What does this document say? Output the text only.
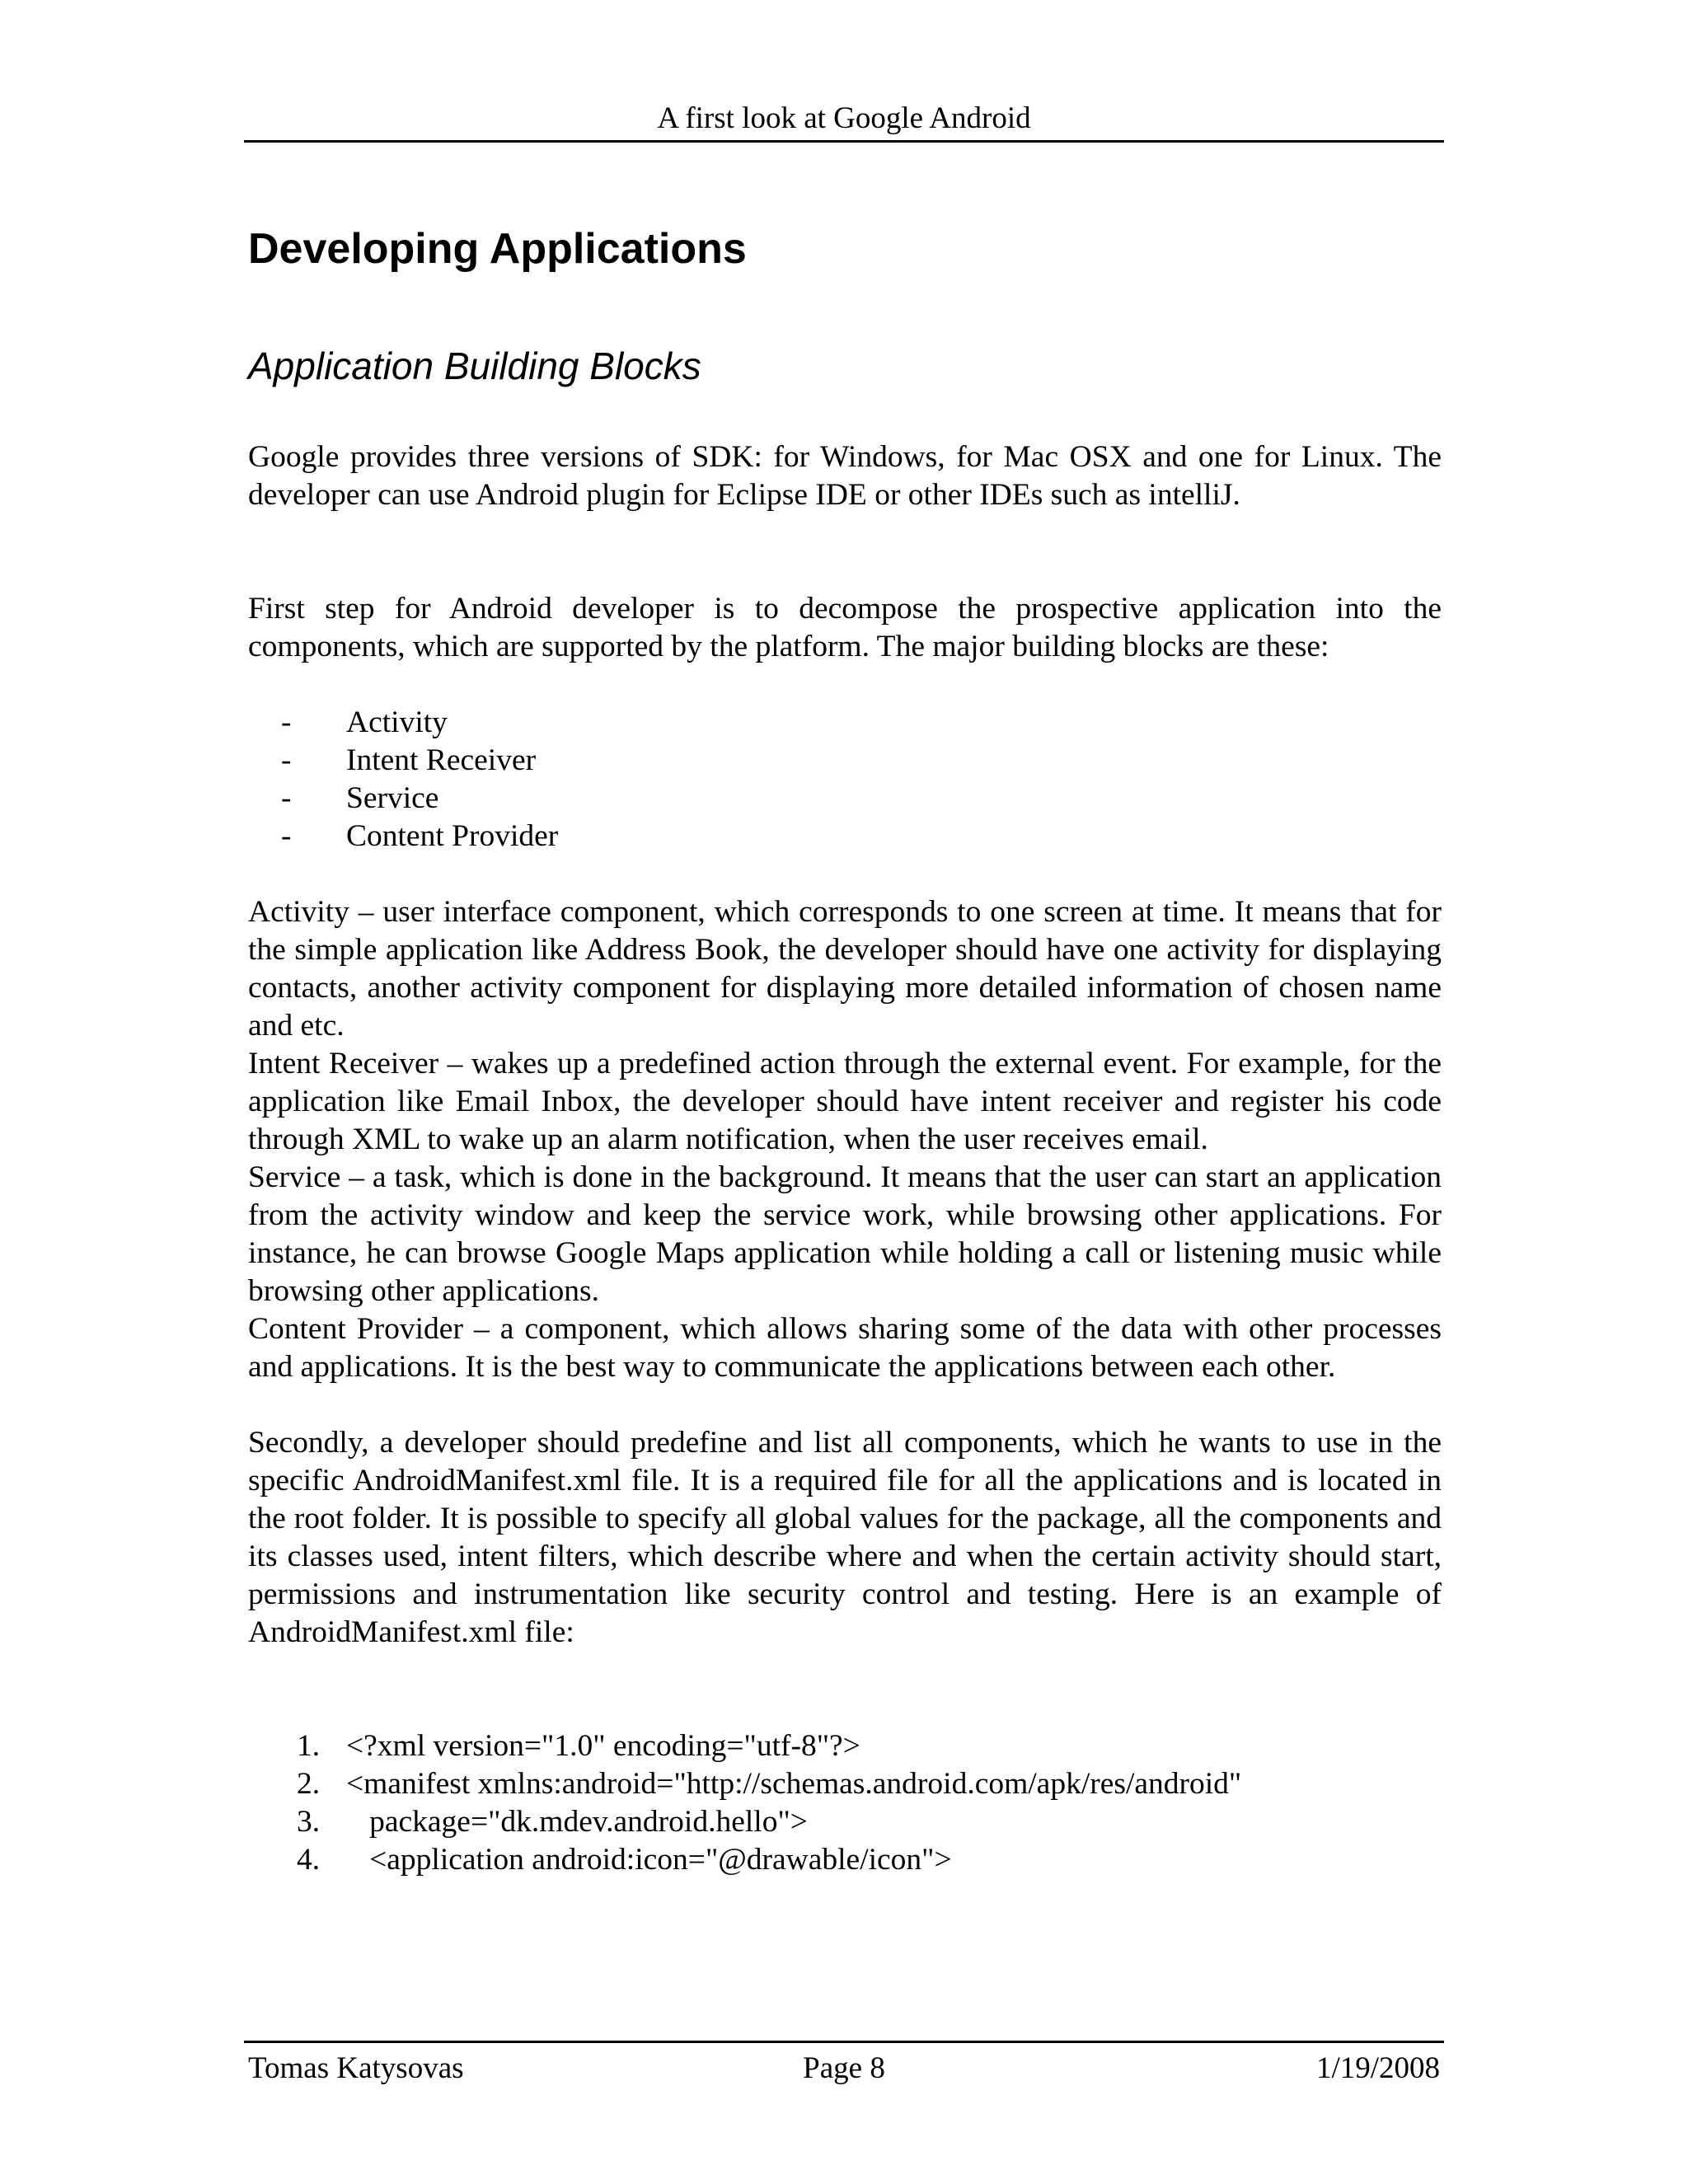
A first look at Google Android
Developing Applications
Application Building Blocks

Google provides three versions of SDK: for Windows, for Mac OSX and one for Linux. The developer can use Android plugin for Eclipse IDE or other IDEs such as intelliJ.

First step for Android developer is to decompose the prospective application into the components, which are supported by the platform. The major building blocks are these:

- Activity
- Intent Receiver
- Service
- Content Provider

Activity – user interface component, which corresponds to one screen at time. It means that for the simple application like Address Book, the developer should have one activity for displaying contacts, another activity component for displaying more detailed information of chosen name and etc.

Intent Receiver – wakes up a predefined action through the external event. For example, for the application like Email Inbox, the developer should have intent receiver and register his code through XML to wake up an alarm notification, when the user receives email.

Service – a task, which is done in the background. It means that the user can start an application from the activity window and keep the service work, while browsing other applications. For instance, he can browse Google Maps application while holding a call or listening music while browsing other applications.

Content Provider – a component, which allows sharing some of the data with other processes and applications. It is the best way to communicate the applications between each other.

Secondly, a developer should predefine and list all components, which he wants to use in the specific AndroidManifest.xml file. It is a required file for all the applications and is located in the root folder. It is possible to specify all global values for the package, all the components and its classes used, intent filters, which describe where and when the certain activity should start, permissions and instrumentation like security control and testing. Here is an example of AndroidManifest.xml file:

1. <?xml version="1.0" encoding="utf-8"?>
2. <manifest xmlns:android="http://schemas.android.com/apk/res/android"
3. package="dk.mdev.android.hello">
4. <application android:icon="@drawable/icon">
Tomas Katysovas	Page 8	1/19/2008
